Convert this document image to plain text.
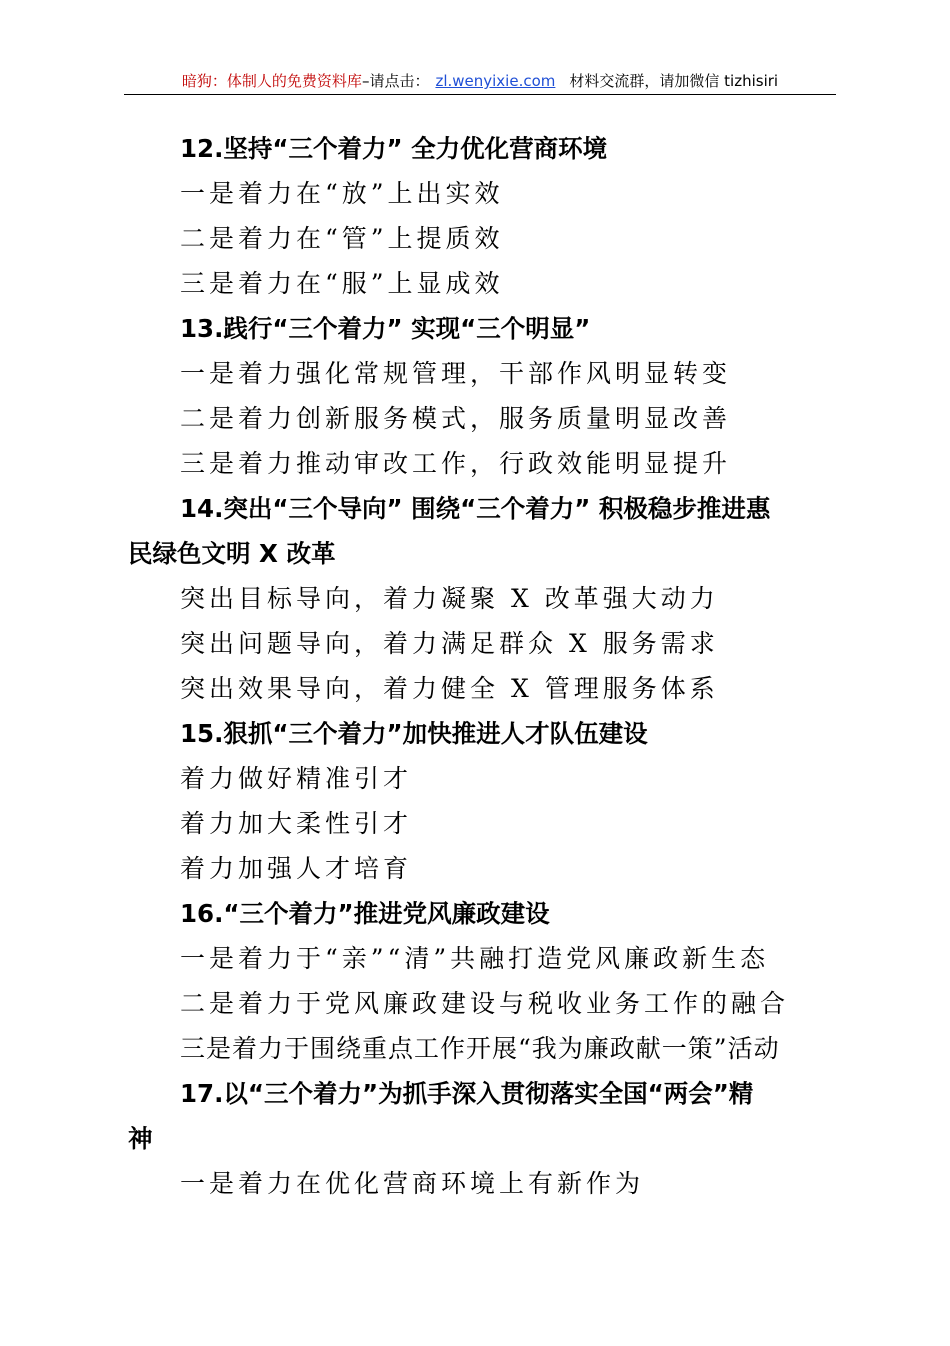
暗狗：体制人的免费资料库–请点击： zl.wenyixie.com 材料交流群，请加微信 tizhisiri
12.坚持“三个着力” 全力优化营商环境
一是着力在“放”上出实效
二是着力在“管”上提质效
三是着力在“服”上显成效
13.践行“三个着力” 实现“三个明显”
一是着力强化常规管理，干部作风明显转变
二是着力创新服务模式，服务质量明显改善
三是着力推动审改工作，行政效能明显提升
14.突出“三个导向” 围绕“三个着力” 积极稳步推进惠
民绿色文明 X 改革
突出目标导向，着力凝聚 X 改革强大动力
突出问题导向，着力满足群众 X 服务需求
突出效果导向，着力健全 X 管理服务体系
15.狠抓“三个着力”加快推进人才队伍建设
着力做好精准引才
着力加大柔性引才
着力加强人才培育
16.“三个着力”推进党风廉政建设
一是着力于“亲”“清”共融打造党风廉政新生态
二是着力于党风廉政建设与税收业务工作的融合
三是着力于围绕重点工作开展“我为廉政献一策”活动
17.以“三个着力”为抓手深入贯彻落实全国“两会”精
神
一是着力在优化营商环境上有新作为
